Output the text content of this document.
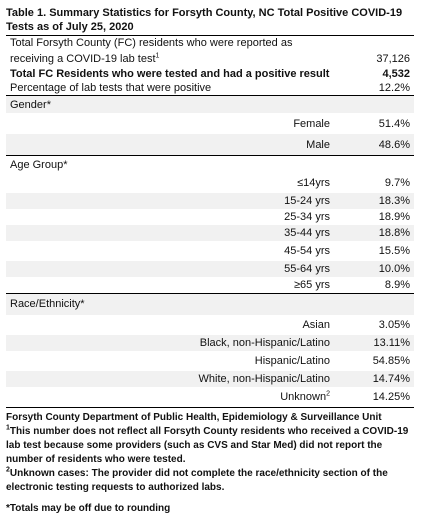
Table 1. Summary Statistics for Forsyth County, NC Total Positive COVID-19
Tests as of July 25, 2020
Total Forsyth County (FC) residents who were reported as	
receiving a COVID-19 lab test$^1$	37,126
Total FC Residents who were tested and had a positive result	4,532
Percentage of lab tests that were positive	12.2%
Gender*	
Female	51.4%
Male	48.6%
Age Group*	
≤14yrs	9.7%
15-24 yrs	18.3%
25-34 yrs	18.9%
35-44 yrs	18.8%
45-54 yrs	15.5%
55-64 yrs	10.0%
≥65 yrs	8.9%
Race/Ethnicity*	
Asian	3.05%
Black, non-Hispanic/Latino	13.11%
Hispanic/Latino	54.85%
White, non-Hispanic/Latino	14.74%
Unknown$^2$	14.25%
Forsyth County Department of Public Health, Epidemiology & Surveillance Unit
$^1$This number does not reflect all Forsyth County residents who received a COVID-19
lab test because some providers (such as CVS and Star Med) did not report the
number of residents who were tested.
$^2$Unknown cases: The provider did not complete the race/ethnicity section of the
electronic testing requests to authorized labs.
*Totals may be off due to rounding
